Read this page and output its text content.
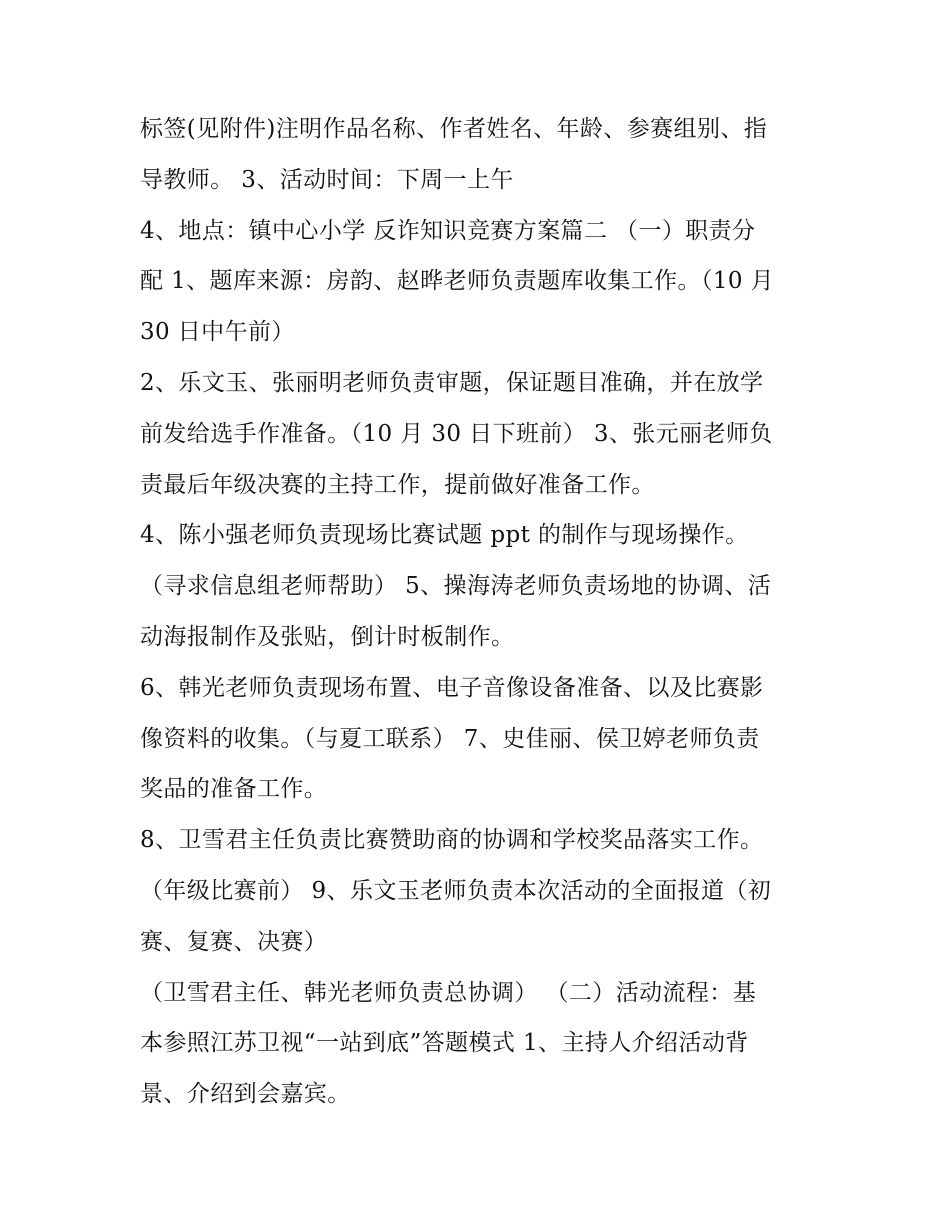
标签(见附件)注明作品名称、作者姓名、年龄、参赛组别、指
导教师。 3、活动时间：下周一上午
4、地点：镇中心小学 反诈知识竞赛方案篇二 （一）职责分
配 1、题库来源：房韵、赵晔老师负责题库收集工作。（10 月
30 日中午前）
2、乐文玉、张丽明老师负责审题，保证题目准确，并在放学
前发给选手作准备。（10 月 30 日下班前） 3、张元丽老师负
责最后年级决赛的主持工作，提前做好准备工作。
4、陈小强老师负责现场比赛试题 ppt 的制作与现场操作。
（寻求信息组老师帮助） 5、操海涛老师负责场地的协调、活
动海报制作及张贴，倒计时板制作。
6、韩光老师负责现场布置、电子音像设备准备、以及比赛影
像资料的收集。（与夏工联系） 7、史佳丽、侯卫婷老师负责
奖品的准备工作。
8、卫雪君主任负责比赛赞助商的协调和学校奖品落实工作。
（年级比赛前） 9、乐文玉老师负责本次活动的全面报道（初
赛、复赛、决赛）
（卫雪君主任、韩光老师负责总协调） （二）活动流程：基
本参照江苏卫视“一站到底”答题模式 1、主持人介绍活动背
景、介绍到会嘉宾。
